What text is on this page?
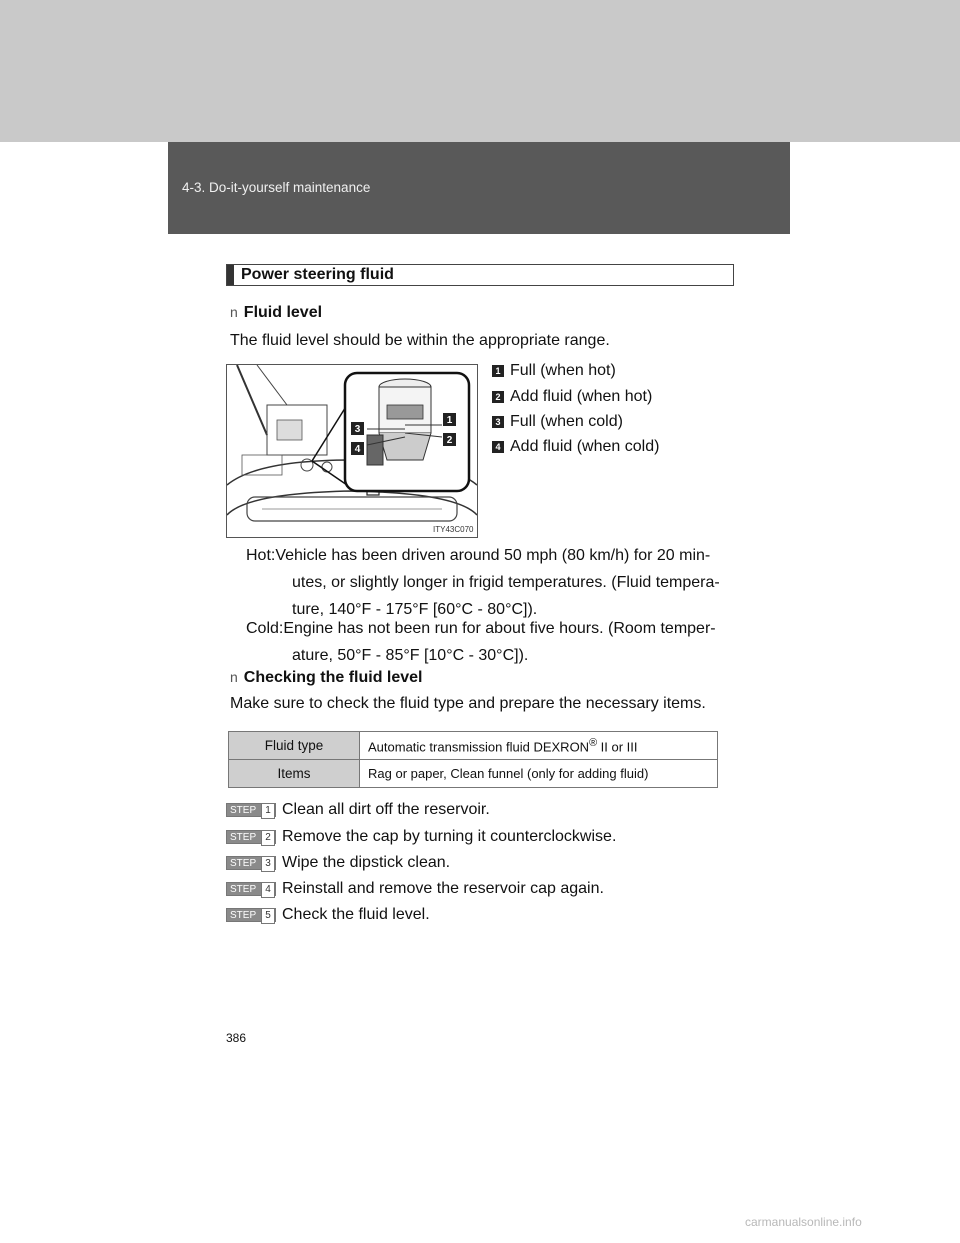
4-3. Do-it-yourself maintenance
Power steering fluid
n Fluid level
The fluid level should be within the appropriate range.
1
2
3
4
ITY43C070
1 Full (when hot)
2 Add fluid (when hot)
3 Full (when cold)
4 Add fluid (when cold)
Hot:Vehicle has been driven around 50 mph (80 km/h) for 20 min-
utes, or slightly longer in frigid temperatures. (Fluid tempera-
ture, 140°F - 175°F [60°C - 80°C]).
Cold:Engine has not been run for about five hours. (Room temper-
ature, 50°F - 85°F [10°C - 30°C]).
n Checking the fluid level
Make sure to check the fluid type and prepare the necessary items.
Fluid type	Automatic transmission fluid DEXRON® II or III
Items	Rag or paper, Clean funnel (only for adding fluid)
STEP 1 Clean all dirt off the reservoir.
STEP 2 Remove the cap by turning it counterclockwise.
STEP 3 Wipe the dipstick clean.
STEP 4 Reinstall and remove the reservoir cap again.
STEP 5 Check the fluid level.
386
carmanualsonline.info
